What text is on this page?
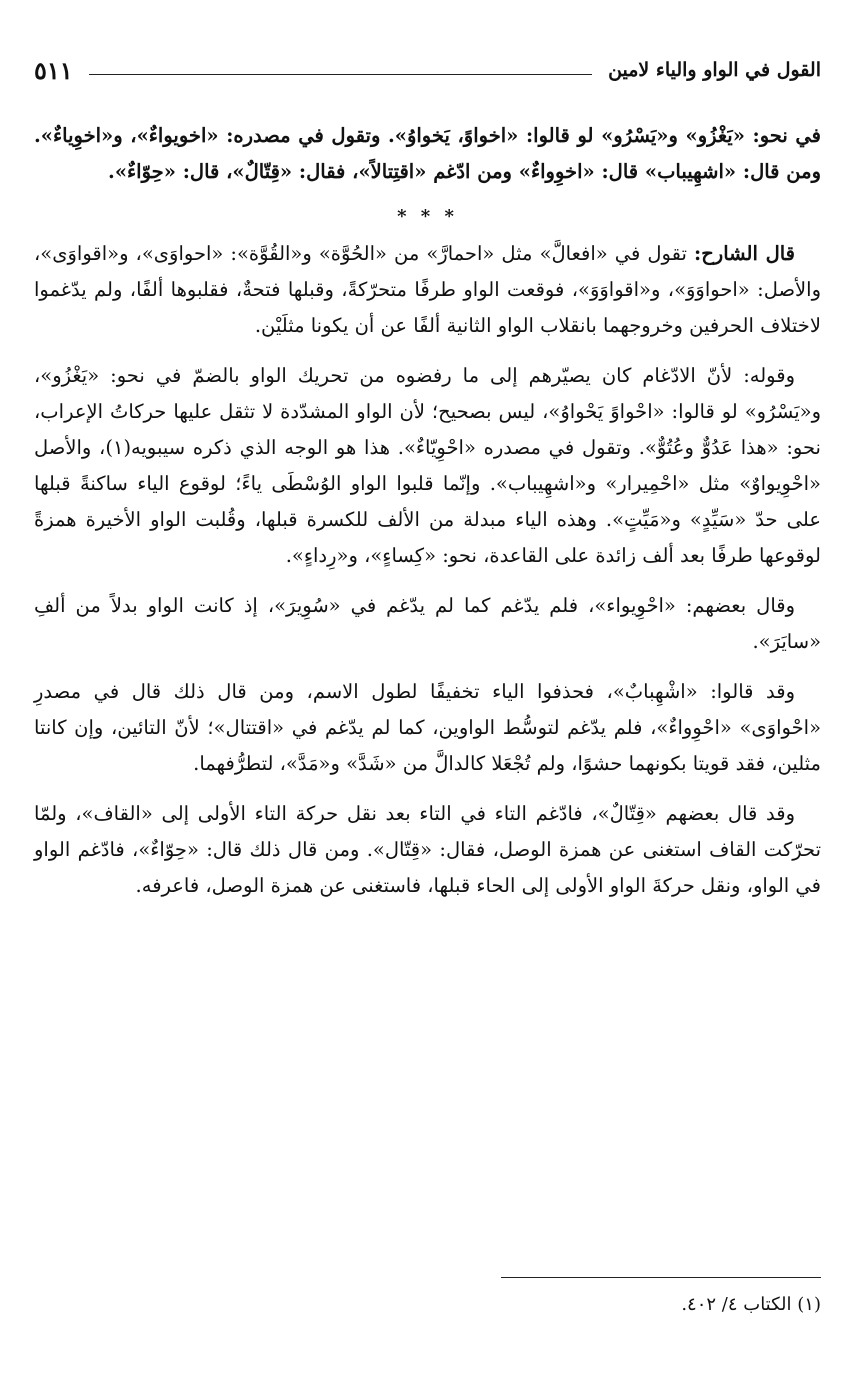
القول في الواو والياء لامين
٥١١

في نحو: «يَغْزُو» و«يَسْرُو» لو قالوا: «اخواوً، يَخواوُ». وتقول في مصدره: «اخويواءٌ»، و«اخوِياءٌ». ومن قال: «اشهِيباب» قال: «اخوِواءٌ» ومن ادّغم «اقتِتالاً»، فقال: «قِتّالٌ»، قال: «حِوّاءٌ».

* * *

قال الشارح: تقول في «افعالَّ» مثل «احمارَّ» من «الحُوَّة» و«القُوَّة»: «احواوَى»، و«اقواوَى»، والأصل: «احواوَوَ»، و«اقواوَوَ»، فوقعت الواو طرفًا متحرّكةً، وقبلها فتحةٌ، فقلبوها ألفًا، ولم يدّغموا لاختلاف الحرفين وخروجهما بانقلاب الواو الثانية ألفًا عن أن يكونا مثلَيْن.

وقوله: لأنّ الادّغام كان يصيّرهم إلى ما رفضوه من تحريك الواو بالضمّ في نحو: «يَغْزُو»، و«يَسْرُو» لو قالوا: «احْواوً يَحْواوُ»، ليس بصحيح؛ لأن الواو المشدّدة لا تثقل عليها حركاتُ الإعراب، نحو: «هذا عَدُوٌّ وعُتُوٌّ». وتقول في مصدره «احْوِيّاءٌ». هذا هو الوجه الذي ذكره سيبويه(١)، والأصل «احْوِيواوٌ» مثل «احْمِيرار» و«اشهِيباب». وإنّما قلبوا الواو الوُسْطَى ياءً؛ لوقوع الياء ساكنةً قبلها على حدّ «سَيِّدٍ» و«مَيِّتٍ». وهذه الياء مبدلة من الألف للكسرة قبلها، وقُلبت الواو الأخيرة همزةً لوقوعها طرفًا بعد ألف زائدة على القاعدة، نحو: «كِساءٍ»، و«رِداءٍ».

وقال بعضهم: «احْوِيواء»، فلم يدّغم كما لم يدّغم في «سُوِيرَ»، إذ كانت الواو بدلاً من ألفِ «سايَرَ».

وقد قالوا: «اشْهِبابٌ»، فحذفوا الياء تخفيفًا لطول الاسم، ومن قال ذلك قال في مصدرِ «احْواوَى» «احْوِواءٌ»، فلم يدّغم لتوسُّط الواوين، كما لم يدّغم في «اقتتال»؛ لأنّ التائين، وإن كانتا مثلين، فقد قويتا بكونهما حشوًا، ولم تُجْعَلا كالدالَّ من «شَدَّ» و«مَدَّ»، لتطرُّفهما.

وقد قال بعضهم «قِتّالٌ»، فادّغم التاء في التاء بعد نقل حركة التاء الأولى إلى «القاف»، ولمّا تحرّكت القاف استغنى عن همزة الوصل، فقال: «قِتّال». ومن قال ذلك قال: «حِوّاءٌ»، فادّغم الواو في الواو، ونقل حركةَ الواو الأولى إلى الحاء قبلها، فاستغنى عن همزة الوصل، فاعرفه.

(١) الكتاب ٤/ ٤٠٢.
